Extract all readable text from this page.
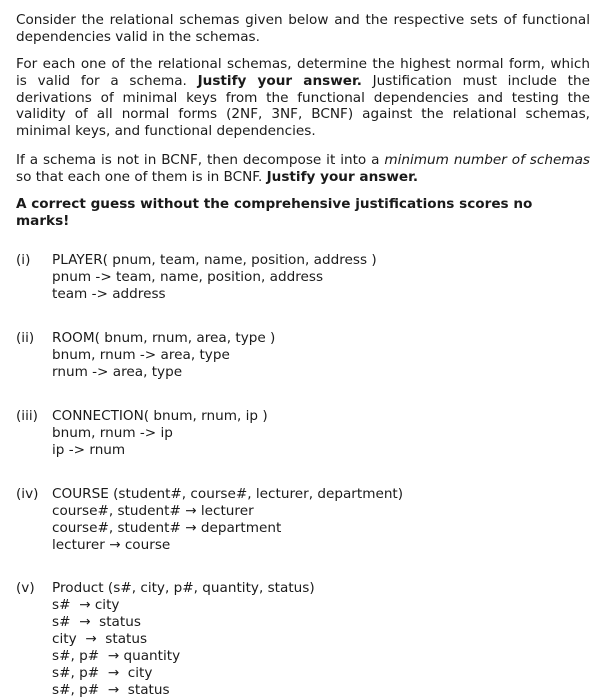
Consider the relational schemas given below and the respective sets of functional dependencies valid in the schemas.

For each one of the relational schemas, determine the highest normal form, which is valid for a schema. Justify your answer. Justification must include the derivations of minimal keys from the functional dependencies and testing the validity of all normal forms (2NF, 3NF, BCNF) against the relational schemas, minimal keys, and functional dependencies.

If a schema is not in BCNF, then decompose it into a minimum number of schemas so that each one of them is in BCNF. Justify your answer.

A correct guess without the comprehensive justifications scores no marks!

(i) PLAYER( pnum, team, name, position, address )
pnum -> team, name, position, address
team -> address
(ii) ROOM( bnum, rnum, area, type )
bnum, rnum -> area, type
rnum -> area, type
(iii) CONNECTION( bnum, rnum, ip )
bnum, rnum -> ip
ip -> rnum
(iv) COURSE (student#, course#, lecturer, department)
course#, student# → lecturer
course#, student# → department
lecturer → course
(v) Product (s#, city, p#, quantity, status)
s#  → city
s#  →  status
city  →  status
s#, p#  → quantity
s#, p#  →  city
s#, p#  →  status
